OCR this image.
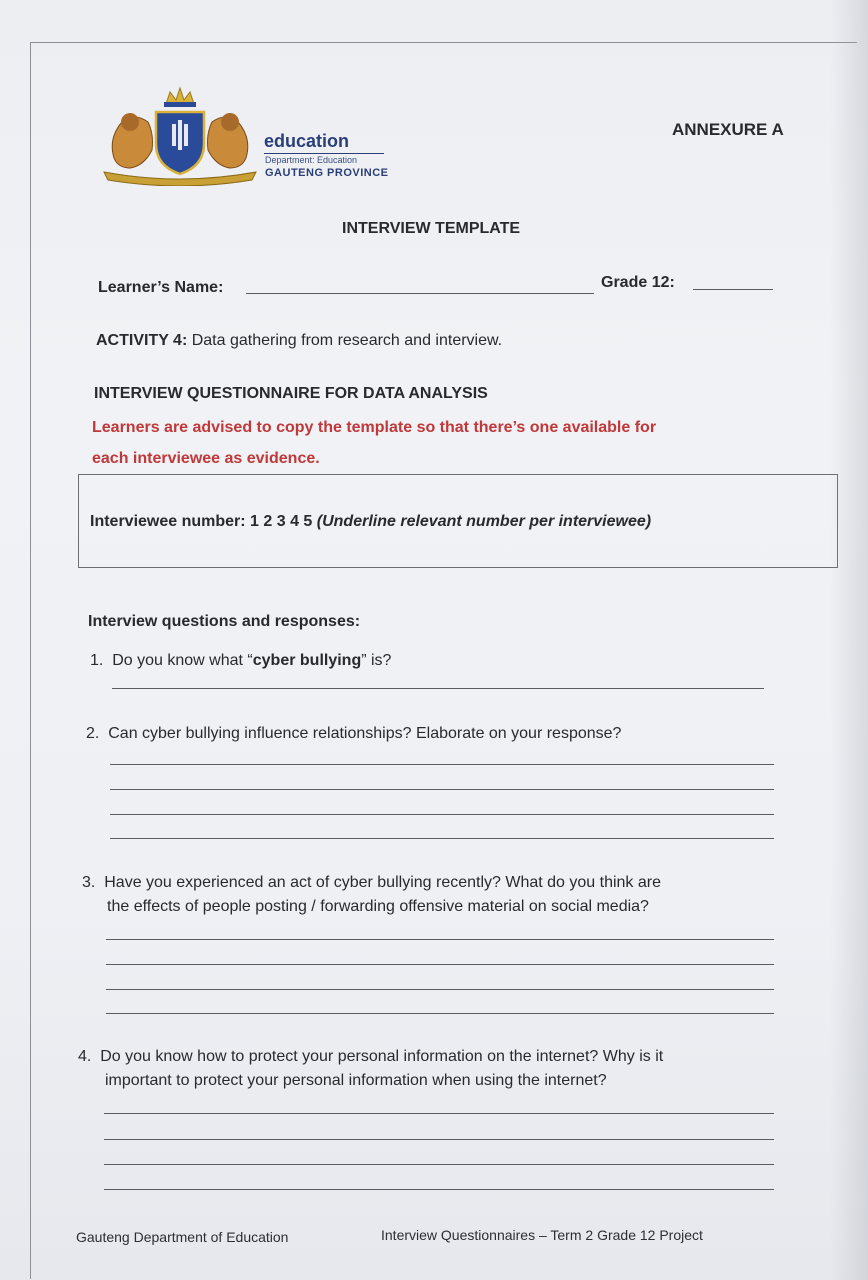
education
Department: Education
GAUTENG PROVINCE
ANNEXURE A
INTERVIEW TEMPLATE
Learner’s Name:	Grade 12:
ACTIVITY 4: Data gathering from research and interview.
INTERVIEW QUESTIONNAIRE FOR DATA ANALYSIS
Learners are advised to copy the template so that there’s one available for
each interviewee as evidence.
Interviewee number: 1 2 3 4 5 (Underline relevant number per interviewee)
Interview questions and responses:
1. Do you know what “cyber bullying” is?
2. Can cyber bullying influence relationships? Elaborate on your response?
3. Have you experienced an act of cyber bullying recently? What do you think are
the effects of people posting / forwarding offensive material on social media?
4. Do you know how to protect your personal information on the internet? Why is it
important to protect your personal information when using the internet?
Gauteng Department of Education	Interview Questionnaires – Term 2 Grade 12 Project
